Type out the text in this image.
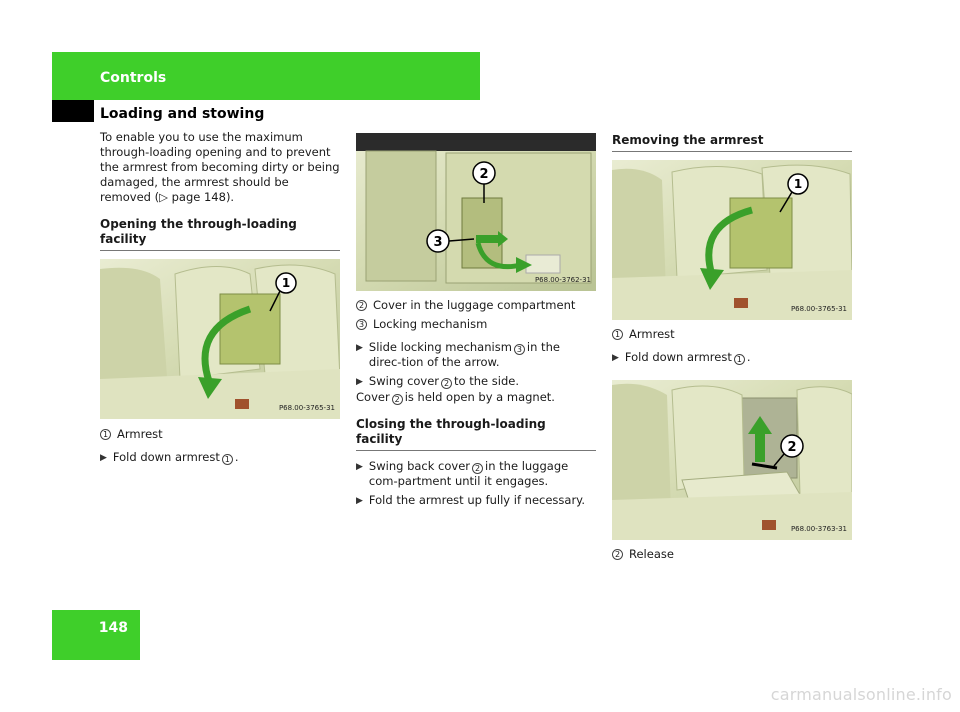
Controls
Loading and stowing

To enable you to use the maximum through-loading opening and to prevent the armrest from becoming dirty or being damaged, the armrest should be removed (▷ page 148).

Opening the through-loading facility
1
P68.00-3765-31
1 Armrest
▶ Fold down armrest 1 .
2
3
P68.00-3762-31
2 Cover in the luggage compartment
3 Locking mechanism
▶ Slide locking mechanism 3 in the direc-tion of the arrow.
▶ Swing cover 2 to the side.

Cover 2 is held open by a magnet.

Closing the through-loading facility
▶ Swing back cover 2 in the luggage com-partment until it engages.
▶ Fold the armrest up fully if necessary.
Removing the armrest
1
P68.00-3765-31
1 Armrest
▶ Fold down armrest 1 .
2
P68.00-3763-31
2 Release
148
carmanualsonline.info
